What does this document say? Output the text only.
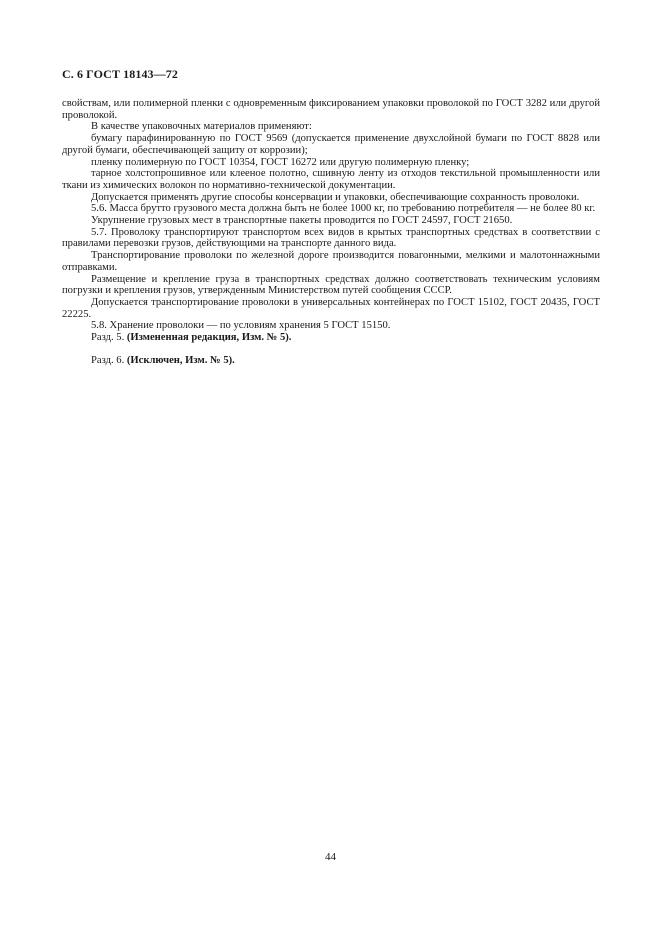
С. 6 ГОСТ 18143—72

свойствам, или полимерной пленки с одновременным фиксированием упаковки проволокой по ГОСТ 3282 или другой проволокой.

В качестве упаковочных материалов применяют:

бумагу парафинированную по ГОСТ 9569 (допускается применение двухслойной бумаги по ГОСТ 8828 или другой бумаги, обеспечивающей защиту от коррозии);

пленку полимерную по ГОСТ 10354, ГОСТ 16272 или другую полимерную пленку;

тарное холстопрошивное или клееное полотно, сшивную ленту из отходов текстильной промышленности или ткани из химических волокон по нормативно-технической документации.

Допускается применять другие способы консервации и упаковки, обеспечивающие сохранность проволоки.

5.6. Масса брутто грузового места должна быть не более 1000 кг, по требованию потребителя — не более 80 кг.

Укрупнение грузовых мест в транспортные пакеты проводится по ГОСТ 24597, ГОСТ 21650.

5.7. Проволоку транспортируют транспортом всех видов в крытых транспортных средствах в соответствии с правилами перевозки грузов, действующими на транспорте данного вида.

Транспортирование проволоки по железной дороге производится повагонными, мелкими и малотоннажными отправками.

Размещение и крепление груза в транспортных средствах должно соответствовать техническим условиям погрузки и крепления грузов, утвержденным Министерством путей сообщения СССР.

Допускается транспортирование проволоки в универсальных контейнерах по ГОСТ 15102, ГОСТ 20435, ГОСТ 22225.

5.8. Хранение проволоки — по условиям хранения 5 ГОСТ 15150.

Разд. 5. (Измененная редакция, Изм. № 5).

Разд. 6. (Исключен, Изм. № 5).

44
